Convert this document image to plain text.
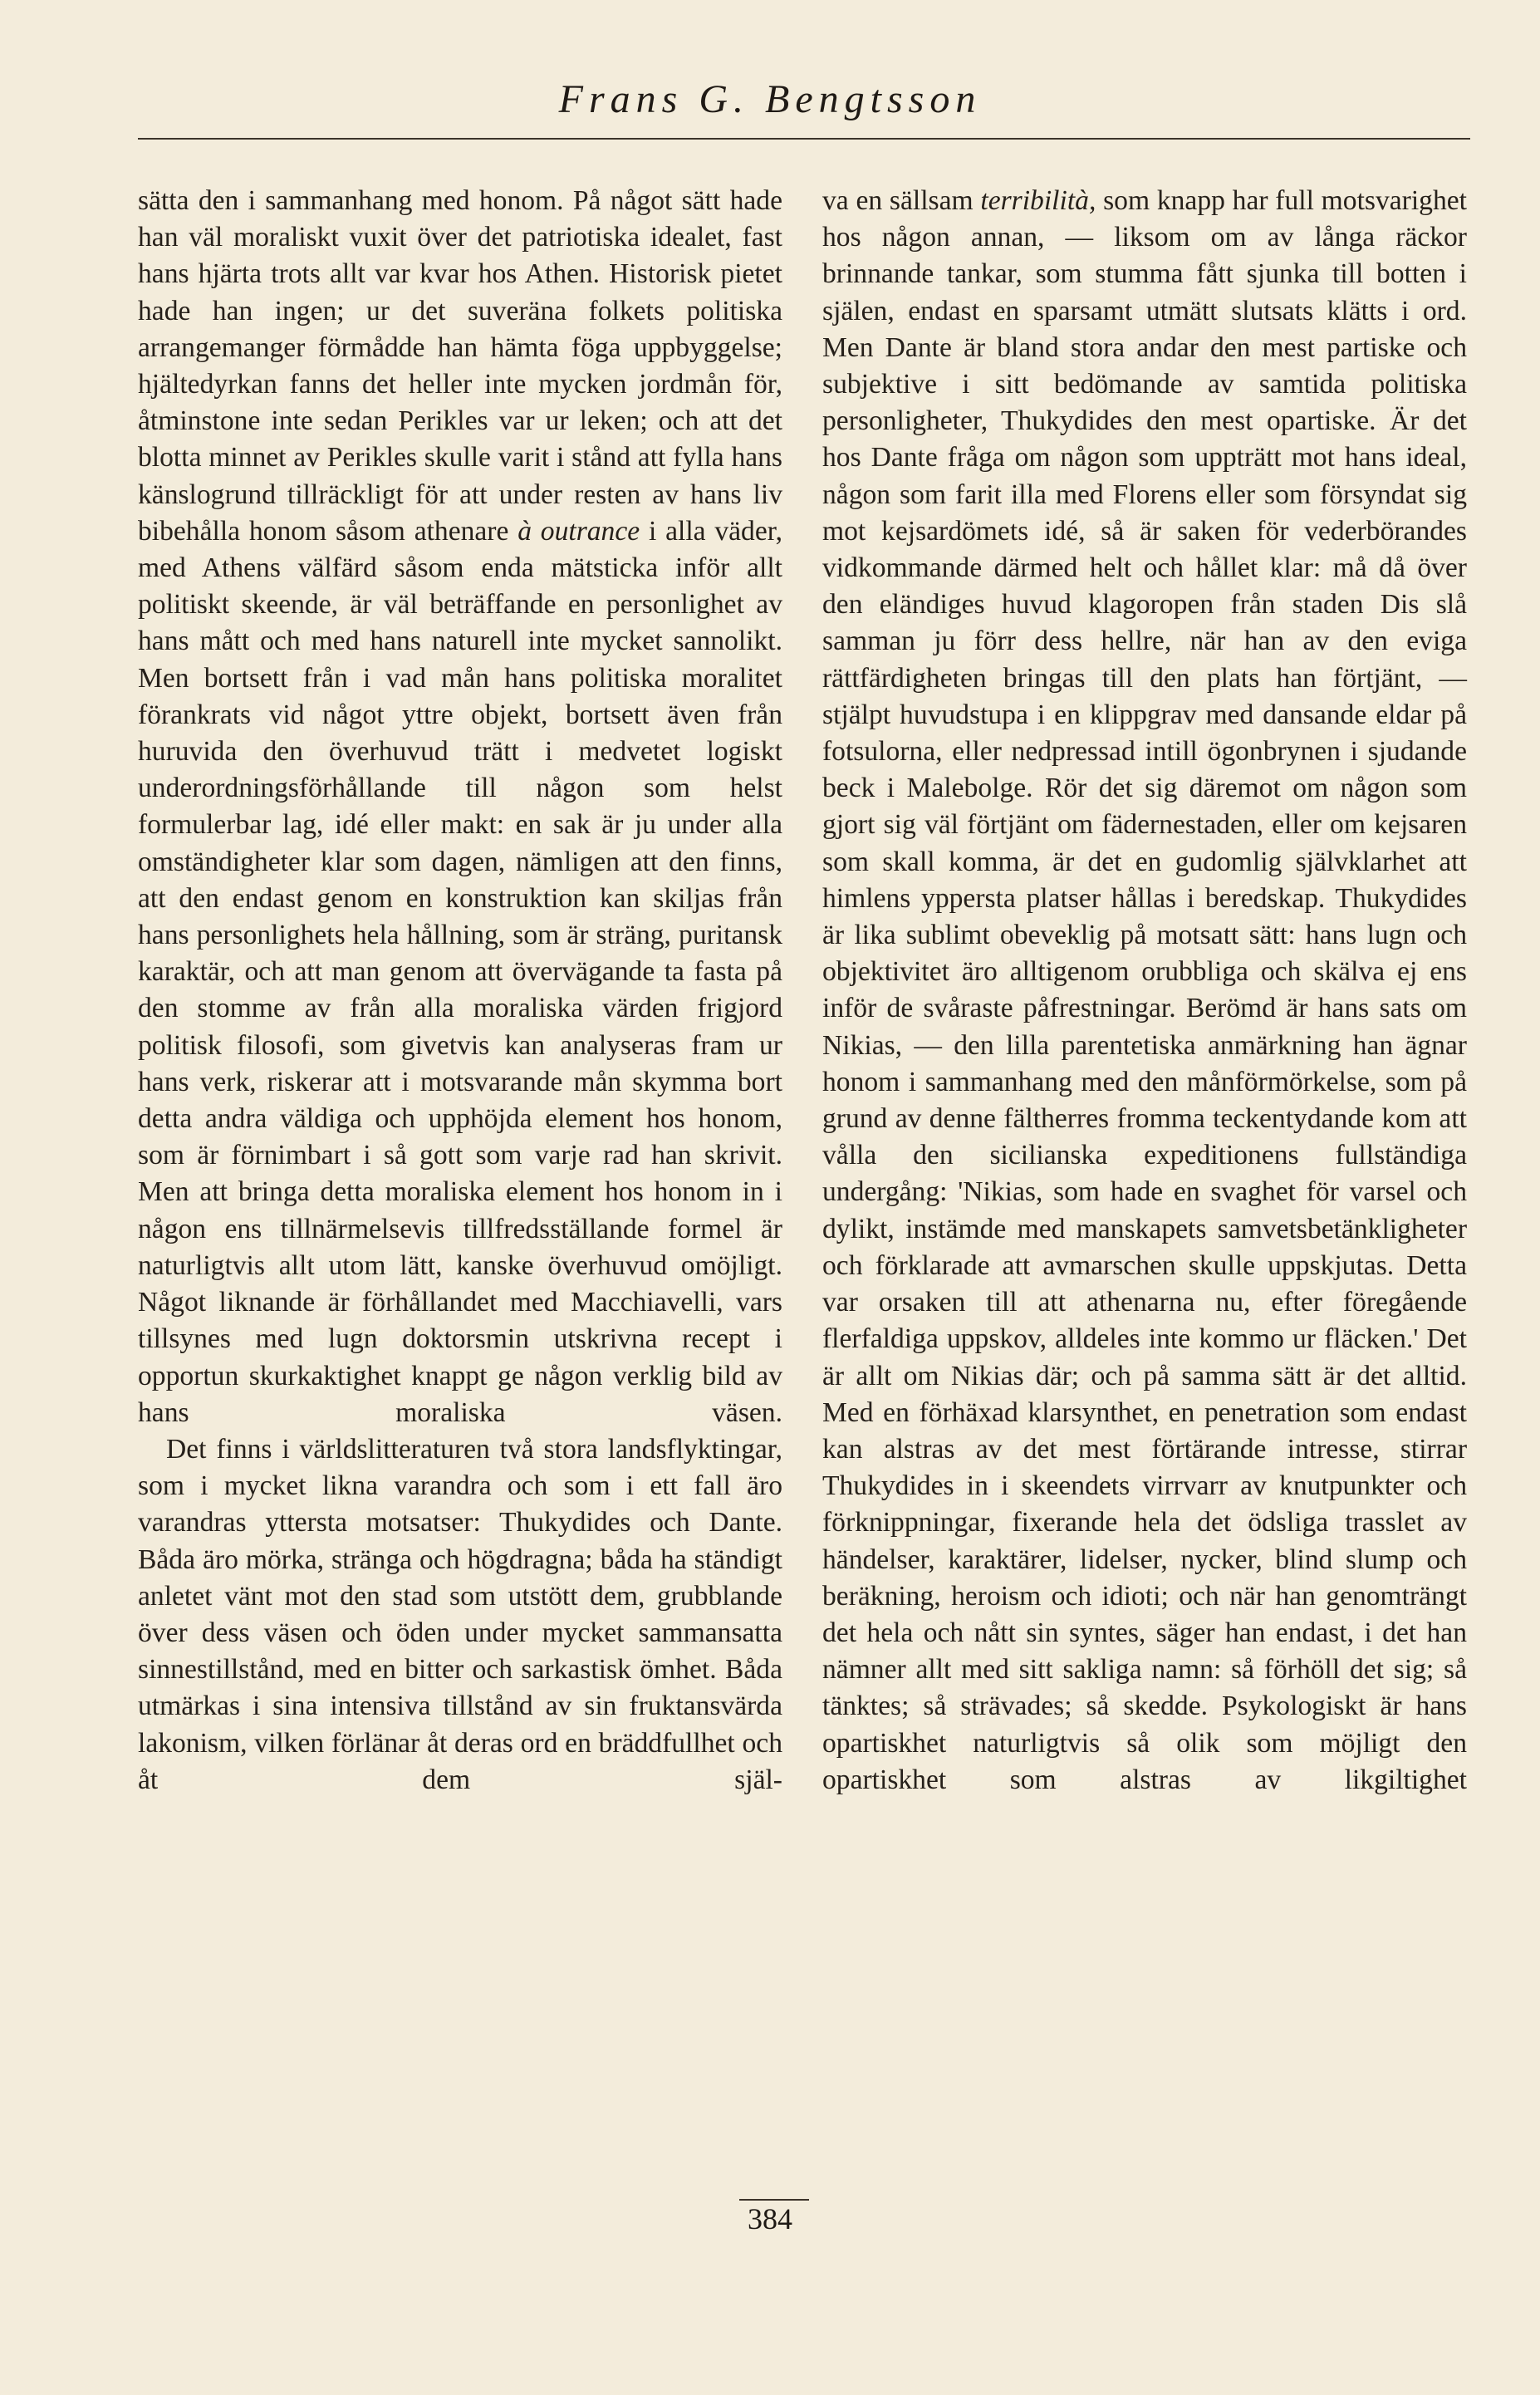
Frans G. Bengtsson

sätta den i sammanhang med honom. På något sätt hade han väl moraliskt vuxit över det patriotiska idealet, fast hans hjärta trots allt var kvar hos Athen. Historisk pietet hade han ingen; ur det suveräna folkets politiska arrangemanger förmådde han hämta föga uppbyggelse; hjältedyrkan fanns det heller inte mycken jordmån för, åtminstone inte sedan Perikles var ur leken; och att det blotta minnet av Perikles skulle varit i stånd att fylla hans känslogrund tillräckligt för att under resten av hans liv bibehålla honom såsom athenare à outrance i alla väder, med Athens välfärd såsom enda mätsticka inför allt politiskt skeende, är väl beträffande en personlighet av hans mått och med hans naturell inte mycket sannolikt. Men bortsett från i vad mån hans politiska moralitet förankrats vid något yttre objekt, bortsett även från huruvida den överhuvud trätt i medvetet logiskt underordningsförhållande till någon som helst formulerbar lag, idé eller makt: en sak är ju under alla omständigheter klar som dagen, nämligen att den finns, att den endast genom en konstruktion kan skiljas från hans personlighets hela hållning, som är sträng, puritansk karaktär, och att man genom att övervägande ta fasta på den stomme av från alla moraliska värden frigjord politisk filosofi, som givetvis kan analyseras fram ur hans verk, riskerar att i motsvarande mån skymma bort detta andra väldiga och upphöjda element hos honom, som är förnimbart i så gott som varje rad han skrivit. Men att bringa detta moraliska element hos honom in i någon ens tillnärmelsevis tillfredsställande formel är naturligtvis allt utom lätt, kanske överhuvud omöjligt. Något liknande är förhållandet med Macchiavelli, vars tillsynes med lugn doktorsmin utskrivna recept i opportun skurkaktighet knappt ge någon verklig bild av hans moraliska väsen.

Det finns i världslitteraturen två stora landsflyktingar, som i mycket likna varandra och som i ett fall äro varandras yttersta motsatser: Thukydides och Dante. Båda äro mörka, stränga och högdragna; båda ha ständigt anletet vänt mot den stad som utstött dem, grubblande över dess väsen och öden under mycket sammansatta sinnestillstånd, med en bitter och sarkastisk ömhet. Båda utmärkas i sina intensiva tillstånd av sin fruktansvärda lakonism, vilken förlänar åt deras ord en bräddfullhet och åt dem själ-

va en sällsam terribilità, som knapp har full motsvarighet hos någon annan, — liksom om av långa räckor brinnande tankar, som stumma fått sjunka till botten i själen, endast en sparsamt utmätt slutsats klätts i ord. Men Dante är bland stora andar den mest partiske och subjektive i sitt bedömande av samtida politiska personligheter, Thukydides den mest opartiske. Är det hos Dante fråga om någon som uppträtt mot hans ideal, någon som farit illa med Florens eller som försyndat sig mot kejsardömets idé, så är saken för vederbörandes vidkommande därmed helt och hållet klar: må då över den eländiges huvud klagoropen från staden Dis slå samman ju förr dess hellre, när han av den eviga rättfärdigheten bringas till den plats han förtjänt, — stjälpt huvudstupa i en klippgrav med dansande eldar på fotsulorna, eller nedpressad intill ögonbrynen i sjudande beck i Malebolge. Rör det sig däremot om någon som gjort sig väl förtjänt om fädernestaden, eller om kejsaren som skall komma, är det en gudomlig självklarhet att himlens yppersta platser hållas i beredskap. Thukydides är lika sublimt obeveklig på motsatt sätt: hans lugn och objektivitet äro alltigenom orubbliga och skälva ej ens inför de svåraste påfrestningar. Berömd är hans sats om Nikias, — den lilla parentetiska anmärkning han ägnar honom i sammanhang med den månförmörkelse, som på grund av denne fältherres fromma teckentydande kom att vålla den sicilianska expeditionens fullständiga undergång: 'Nikias, som hade en svaghet för varsel och dylikt, instämde med manskapets samvetsbetänkligheter och förklarade att avmarschen skulle uppskjutas. Detta var orsaken till att athenarna nu, efter föregående flerfaldiga uppskov, alldeles inte kommo ur fläcken.' Det är allt om Nikias där; och på samma sätt är det alltid. Med en förhäxad klarsynthet, en penetration som endast kan alstras av det mest förtärande intresse, stirrar Thukydides in i skeendets virrvarr av knutpunkter och förknippningar, fixerande hela det ödsliga trasslet av händelser, karaktärer, lidelser, nycker, blind slump och beräkning, heroism och idioti; och när han genomträngt det hela och nått sin syntes, säger han endast, i det han nämner allt med sitt sakliga namn: så förhöll det sig; så tänktes; så strävades; så skedde. Psykologiskt är hans opartiskhet naturligtvis så olik som möjligt den opartiskhet som alstras av likgiltighet

384
